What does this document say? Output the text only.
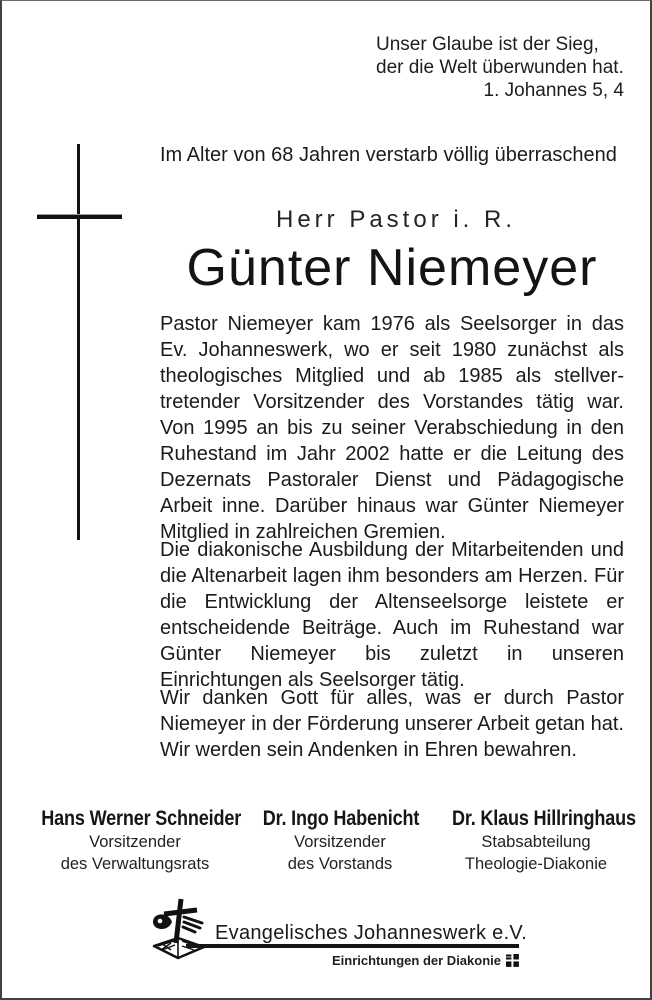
Unser Glaube ist der Sieg,
der die Welt überwunden hat.
1. Johannes 5, 4
Im Alter von 68 Jahren verstarb völlig überraschend
Herr Pastor i. R.
Günter Niemeyer
Pastor Niemeyer kam 1976 als Seelsorger in das Ev. Johanneswerk, wo er seit 1980 zunächst als theologisches Mitglied und ab 1985 als stellvertretender Vorsitzender des Vorstandes tätig war. Von 1995 an bis zu seiner Verabschiedung in den Ruhestand im Jahr 2002 hatte er die Leitung des Dezernats Pastoraler Dienst und Pädagogische Arbeit inne. Darüber hinaus war Günter Niemeyer Mitglied in zahlreichen Gremien.
Die diakonische Ausbildung der Mitarbeitenden und die Altenarbeit lagen ihm besonders am Herzen. Für die Entwicklung der Altenseelsorge leistete er entscheidende Beiträge. Auch im Ruhestand war Günter Niemeyer bis zuletzt in unseren Einrichtungen als Seelsorger tätig.
Wir danken Gott für alles, was er durch Pastor Niemeyer in der Förderung unserer Arbeit getan hat. Wir werden sein Andenken in Ehren bewahren.
Hans Werner Schneider
Vorsitzender
des Verwaltungsrats
Dr. Ingo Habenicht
Vorsitzender
des Vorstands
Dr. Klaus Hillringhaus
Stabsabteilung
Theologie-Diakonie
Evangelisches Johanneswerk e.V.
Einrichtungen der Diakonie
